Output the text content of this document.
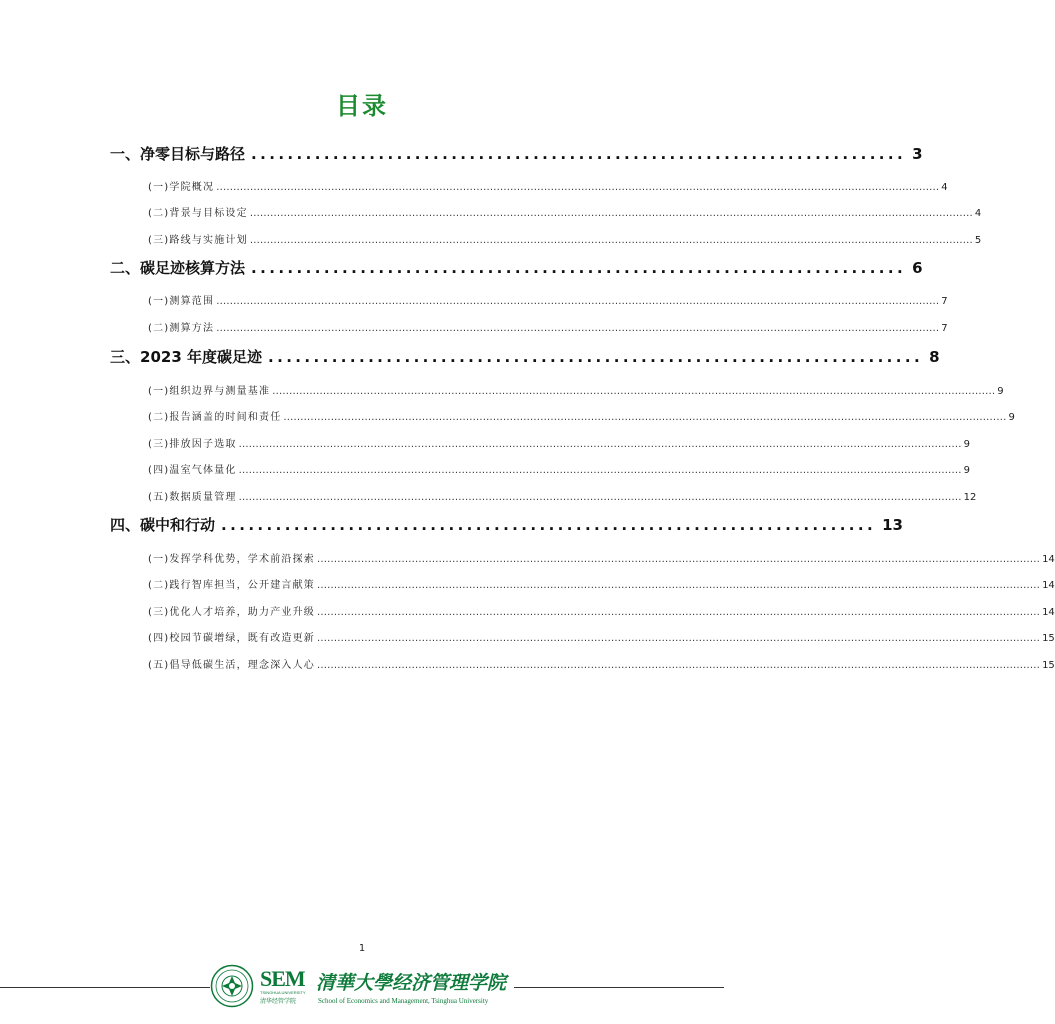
目录
一、 净零目标与路径 ........................................................................ 3
(一)学院概况 ...................................................................................................................................................................................................................... 4
(二)背景与目标设定 ...................................................................................................................................................................................................................... 4
(三)路线与实施计划 ...................................................................................................................................................................................................................... 5
二、 碳足迹核算方法 ........................................................................ 6
(一)测算范围 ...................................................................................................................................................................................................................... 7
(二)测算方法 ...................................................................................................................................................................................................................... 7
三、 2023 年度碳足迹 ........................................................................ 8
(一)组织边界与测量基准 ...................................................................................................................................................................................................................... 9
(二)报告涵盖的时间和责任 ...................................................................................................................................................................................................................... 9
(三)排放因子选取 ...................................................................................................................................................................................................................... 9
(四)温室气体量化 ...................................................................................................................................................................................................................... 9
(五)数据质量管理 ...................................................................................................................................................................................................................... 12
四、 碳中和行动 ........................................................................ 13
(一)发挥学科优势，学术前沿探索 ...................................................................................................................................................................................................................... 14
(二)践行智库担当，公开建言献策 ...................................................................................................................................................................................................................... 14
(三)优化人才培养，助力产业升级 ...................................................................................................................................................................................................................... 14
(四)校园节碳增绿，既有改造更新 ...................................................................................................................................................................................................................... 15
(五)倡导低碳生活，理念深入人心 ...................................................................................................................................................................................................................... 15
1
SEM
TSINGHUA UNIVERSITY
清华经管学院
清華大學经济管理学院
School of Economics and Management, Tsinghua University
